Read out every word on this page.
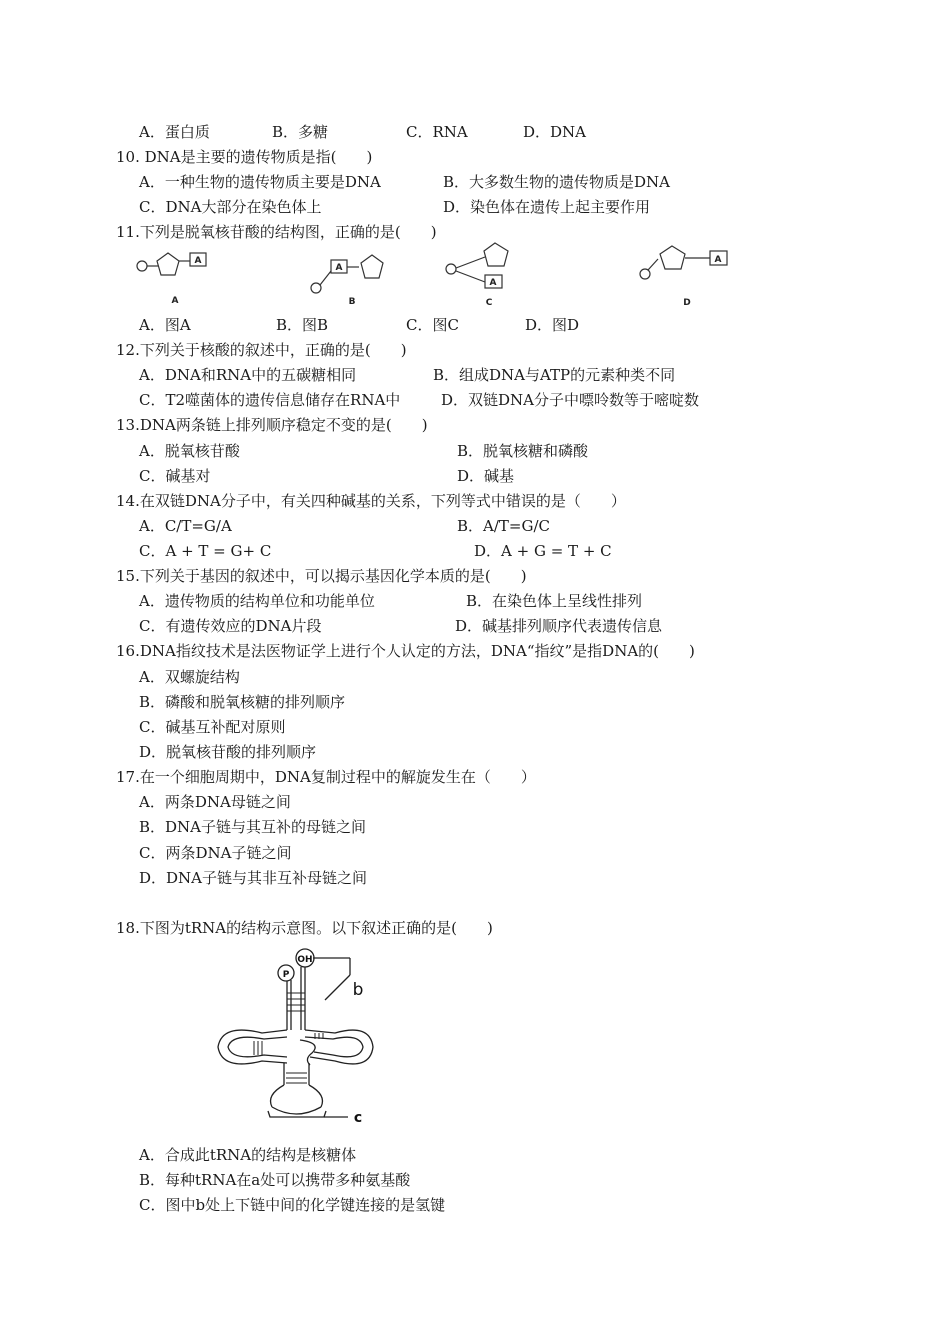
A．蛋白质	B．多糖	C．RNA	D．DNA
10. DNA是主要的遗传物质是指(　　)
A．一种生物的遗传物质主要是DNA	B．大多数生物的遗传物质是DNA
C．DNA大部分在染色体上	D．染色体在遗传上起主要作用
11.下列是脱氧核苷酸的结构图，正确的是(　　)
A
A
A
A
A	B	C	D
A．图A	B．图B	C．图C	D．图D
12.下列关于核酸的叙述中，正确的是(　　)
A．DNA和RNA中的五碳糖相同	B．组成DNA与ATP的元素种类不同
C．T2噬菌体的遗传信息储存在RNA中	D．双链DNA分子中嘌呤数等于嘧啶数
13.DNA两条链上排列顺序稳定不变的是(　　)
A．脱氧核苷酸	B．脱氧核糖和磷酸
C．碱基对	D．碱基
14.在双链DNA分子中，有关四种碱基的关系，下列等式中错误的是（　　）
A．C/T=G/A	B．A/T=G/C
C．A + T = G+ C	D．A + G = T + C
15.下列关于基因的叙述中，可以揭示基因化学本质的是(　　)
A．遗传物质的结构单位和功能单位	B．在染色体上呈线性排列
C．有遗传效应的DNA片段	D．碱基排列顺序代表遗传信息
16.DNA指纹技术是法医物证学上进行个人认定的方法，DNA“指纹”是指DNA的(　　)
A．双螺旋结构
B．磷酸和脱氧核糖的排列顺序
C．碱基互补配对原则
D．脱氧核苷酸的排列顺序
17.在一个细胞周期中，DNA复制过程中的解旋发生在（　　）
A．两条DNA母链之间
B．DNA子链与其互补的母链之间
C．两条DNA子链之间
D．DNA子链与其非互补母链之间
18.下图为tRNA的结构示意图。以下叙述正确的是(　　)
OH
P
b
c
A．合成此tRNA的结构是核糖体
B．每种tRNA在a处可以携带多种氨基酸
C．图中b处上下链中间的化学键连接的是氢键
